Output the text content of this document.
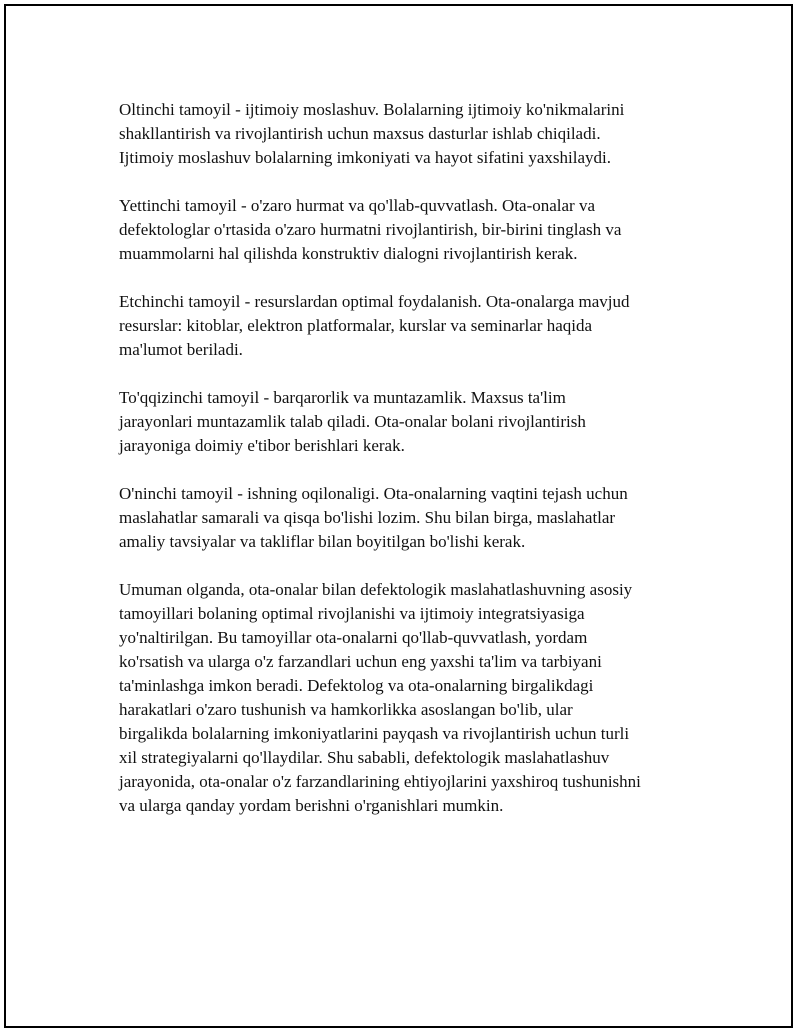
Oltinchi tamoyil - ijtimoiy moslashuv. Bolalarning ijtimoiy ko'nikmalarini
shakllantirish va rivojlantirish uchun maxsus dasturlar ishlab chiqiladi.
Ijtimoiy moslashuv bolalarning imkoniyati va hayot sifatini yaxshilaydi.

Yettinchi tamoyil - o'zaro hurmat va qo'llab-quvvatlash. Ota-onalar va
defektologlar o'rtasida o'zaro hurmatni rivojlantirish, bir-birini tinglash va
muammolarni hal qilishda konstruktiv dialogni rivojlantirish kerak.

Etchinchi tamoyil - resurslardan optimal foydalanish. Ota-onalarga mavjud
resurslar: kitoblar, elektron platformalar, kurslar va seminarlar haqida
ma'lumot beriladi.

To'qqizinchi tamoyil - barqarorlik va muntazamlik. Maxsus ta'lim
jarayonlari muntazamlik talab qiladi. Ota-onalar bolani rivojlantirish
jarayoniga doimiy e'tibor berishlari kerak.

O'ninchi tamoyil - ishning oqilonaligi. Ota-onalarning vaqtini tejash uchun
maslahatlar samarali va qisqa bo'lishi lozim. Shu bilan birga, maslahatlar
amaliy tavsiyalar va takliflar bilan boyitilgan bo'lishi kerak.

Umuman olganda, ota-onalar bilan defektologik maslahatlashuvning asosiy
tamoyillari bolaning optimal rivojlanishi va ijtimoiy integratsiyasiga
yo'naltirilgan. Bu tamoyillar ota-onalarni qo'llab-quvvatlash, yordam
ko'rsatish va ularga o'z farzandlari uchun eng yaxshi ta'lim va tarbiyani
ta'minlashga imkon beradi. Defektolog va ota-onalarning birgalikdagi
harakatlari o'zaro tushunish va hamkorlikka asoslangan bo'lib, ular
birgalikda bolalarning imkoniyatlarini payqash va rivojlantirish uchun turli
xil strategiyalarni qo'llaydilar. Shu sababli, defektologik maslahatlashuv
jarayonida, ota-onalar o'z farzandlarining ehtiyojlarini yaxshiroq tushunishni
va ularga qanday yordam berishni o'rganishlari mumkin.
